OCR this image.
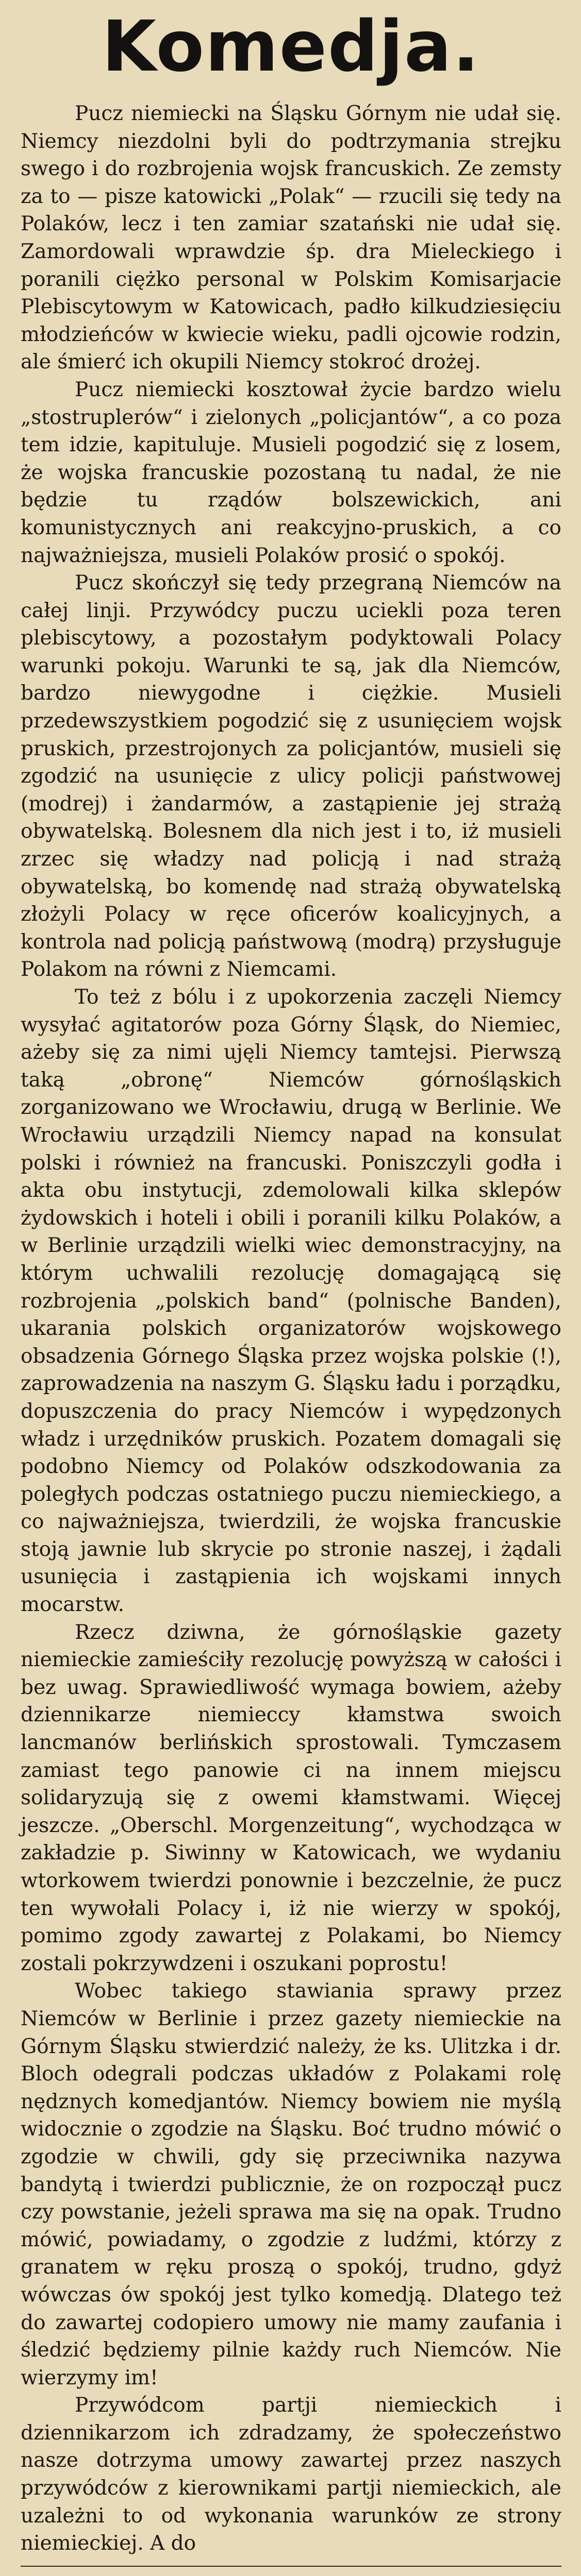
Komedja.

Pucz niemiecki na Śląsku Górnym nie udał się. Niemcy niezdolni byli do podtrzymania strejku swego i do rozbrojenia wojsk francuskich. Ze zemsty za to — pisze katowicki „Polak“ — rzucili się tedy na Polaków, lecz i ten zamiar szatański nie udał się. Zamordowali wprawdzie śp. dra Mieleckiego i poranili ciężko personal w Polskim Komisarjacie Plebiscytowym w Katowicach, padło kilkudziesięciu młodzieńców w kwiecie wieku, padli ojcowie rodzin, ale śmierć ich okupili Niemcy stokroć drożej.

Pucz niemiecki kosztował życie bardzo wielu „stostruplerów“ i zielonych „policjantów“, a co poza tem idzie, kapituluje. Musieli pogodzić się z losem, że wojska francuskie pozostaną tu nadal, że nie będzie tu rządów bolszewickich, ani komunistycznych ani reakcyjno-pruskich, a co najważniejsza, musieli Polaków prosić o spokój.

Pucz skończył się tedy przegraną Niemców na całej linji. Przywódcy puczu uciekli poza teren plebiscytowy, a pozostałym podyktowali Polacy warunki pokoju. Warunki te są, jak dla Niemców, bardzo niewygodne i ciężkie. Musieli przedewszystkiem pogodzić się z usunięciem wojsk pruskich, przestrojonych za policjantów, musieli się zgodzić na usunięcie z ulicy policji państwowej (modrej) i żandarmów, a zastąpienie jej strażą obywatelską. Bolesnem dla nich jest i to, iż musieli zrzec się władzy nad policją i nad strażą obywatelską, bo komendę nad strażą obywatelską złożyli Polacy w ręce oficerów koalicyjnych, a kontrola nad policją państwową (modrą) przysługuje Polakom na równi z Niemcami.

To też z bólu i z upokorzenia zaczęli Niemcy wysyłać agitatorów poza Górny Śląsk, do Niemiec, ażeby się za nimi ujęli Niemcy tamtejsi. Pierwszą taką „obronę“ Niemców górnośląskich zorganizowano we Wrocławiu, drugą w Berlinie. We Wrocławiu urządzili Niemcy napad na konsulat polski i również na francuski. Poniszczyli godła i akta obu instytucji, zdemolowali kilka sklepów żydowskich i hoteli i obili i poranili kilku Polaków, a w Berlinie urządzili wielki wiec demonstracyjny, na którym uchwalili rezolucję domagającą się rozbrojenia „polskich band“ (polnische Banden), ukarania polskich organizatorów wojskowego obsadzenia Górnego Śląska przez wojska polskie (!), zaprowadzenia na naszym G. Śląsku ładu i porządku, dopuszczenia do pracy Niemców i wypędzonych władz i urzędników pruskich. Pozatem domagali się podobno Niemcy od Polaków odszkodowania za poległych podczas ostatniego puczu niemieckiego, a co najważniejsza, twierdzili, że wojska francuskie stoją jawnie lub skrycie po stronie naszej, i żądali usunięcia i zastąpienia ich wojskami innych mocarstw.

Rzecz dziwna, że górnośląskie gazety niemieckie zamieściły rezolucję powyższą w całości i bez uwag. Sprawiedliwość wymaga bowiem, ażeby dziennikarze niemieccy kłamstwa swoich lancmanów berlińskich sprostowali. Tymczasem zamiast tego panowie ci na innem miejscu solidaryzują się z owemi kłamstwami. Więcej jeszcze. „Oberschl. Morgenzeitung“, wychodząca w zakładzie p. Siwinny w Katowicach, we wydaniu wtorkowem twierdzi ponownie i bezczelnie, że pucz ten wywołali Polacy i, iż nie wierzy w spokój, pomimo zgody zawartej z Polakami, bo Niemcy zostali pokrzywdzeni i oszukani poprostu!

Wobec takiego stawiania sprawy przez Niemców w Berlinie i przez gazety niemieckie na Górnym Śląsku stwierdzić należy, że ks. Ulitzka i dr. Bloch odegrali podczas układów z Polakami rolę nędznych komedjantów. Niemcy bowiem nie myślą widocznie o zgodzie na Śląsku. Boć trudno mówić o zgodzie w chwili, gdy się przeciwnika nazywa bandytą i twierdzi publicznie, że on rozpoczął pucz czy powstanie, jeżeli sprawa ma się na opak. Trudno mówić, powiadamy, o zgodzie z ludźmi, którzy z granatem w ręku proszą o spokój, trudno, gdyż wówczas ów spokój jest tylko komedją. Dlatego też do zawartej codopiero umowy nie mamy zaufania i śledzić będziemy pilnie każdy ruch Niemców. Nie wierzymy im!

Przywódcom partji niemieckich i dziennikarzom ich zdradzamy, że społeczeństwo nasze dotrzyma umowy zawartej przez naszych przywódców z kierownikami partji niemieckich, ale uzależni to od wykonania warunków ze strony niemieckiej. A do
